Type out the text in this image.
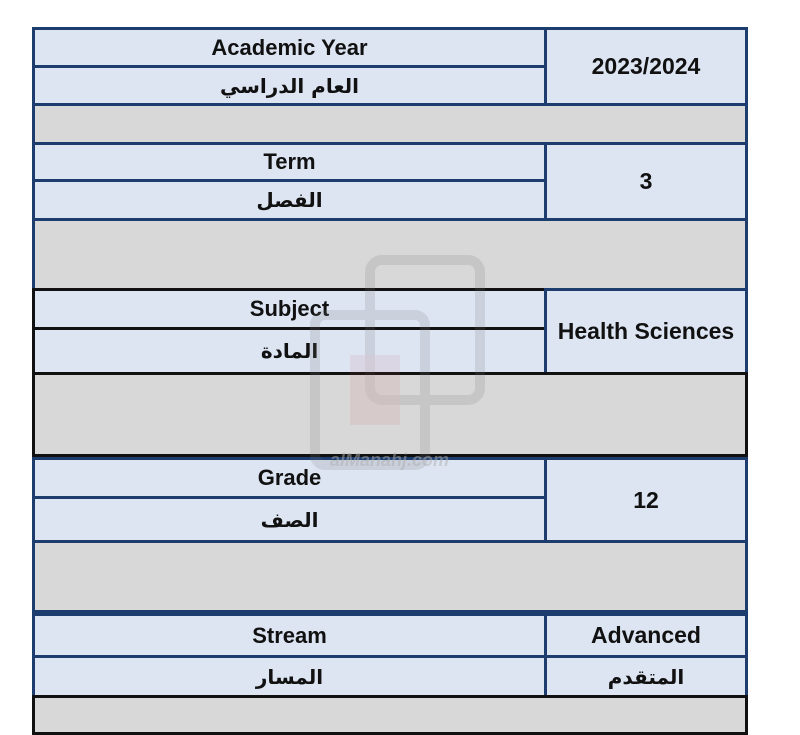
Academic Year
العام الدراسي
2023/2024
Term
الفصل
3
Subject
المادة
Health Sciences
Grade
الصف
12
Stream	Advanced
المسار	المتقدم
alManahj.com
